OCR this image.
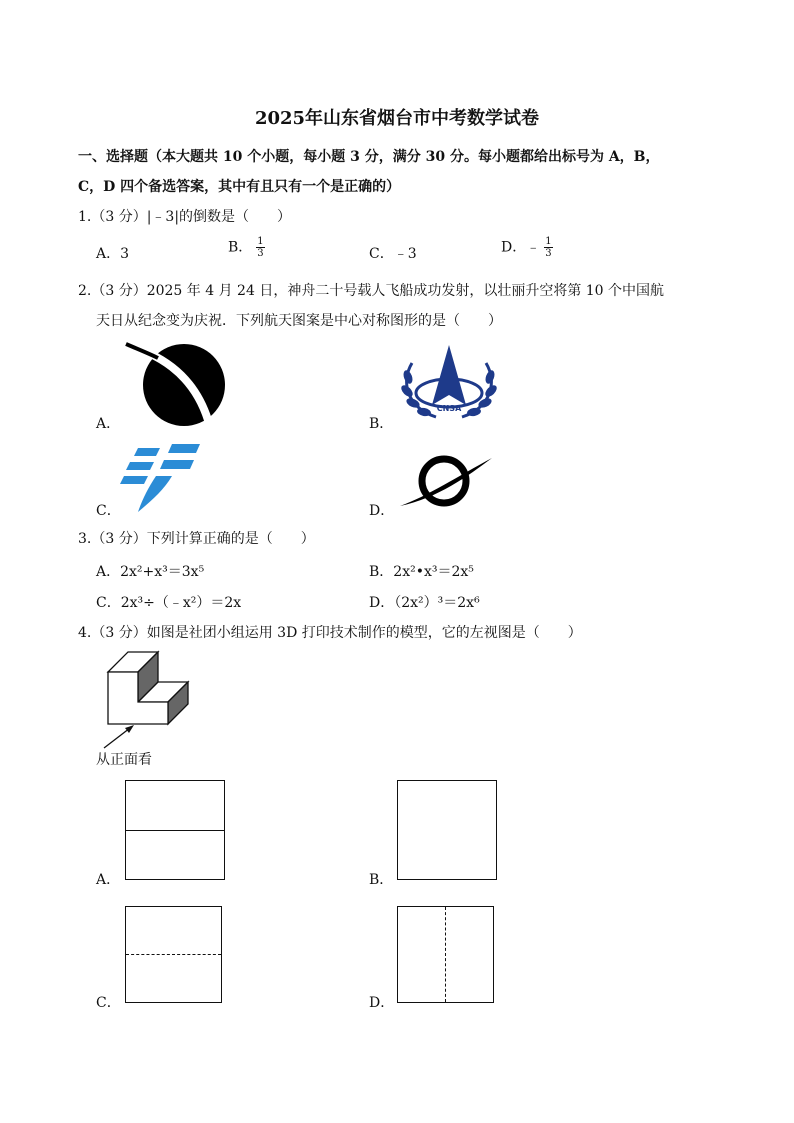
2025年山东省烟台市中考数学试卷
一、选择题（本大题共 10 个小题，每小题 3 分，满分 30 分。每小题都给出标号为 A，B，
C，D 四个备选答案，其中有且只有一个是正确的）
1.（3 分）|﹣3|的倒数是（　　）
A．3	B． $\frac{1}{3}$	C．﹣3	D．﹣ $\frac{1}{3}$
2.（3 分）2025 年 4 月 24 日，神舟二十号载人飞船成功发射，以壮丽升空将第 10 个中国航
天日从纪念变为庆祝．下列航天图案是中心对称图形的是（　　）
A．
CNSA
B．
C．	D．
3.（3 分）下列计算正确的是（　　）
A．2x²+x³＝3x⁵	B．2x²•x³＝2x⁵
C．2x³÷（﹣x²）＝2x	D．（2x²）³＝2x⁶
4.（3 分）如图是社团小组运用 3D 打印技术制作的模型，它的左视图是（　　）
从正面看
A．	B．
C．	D．
